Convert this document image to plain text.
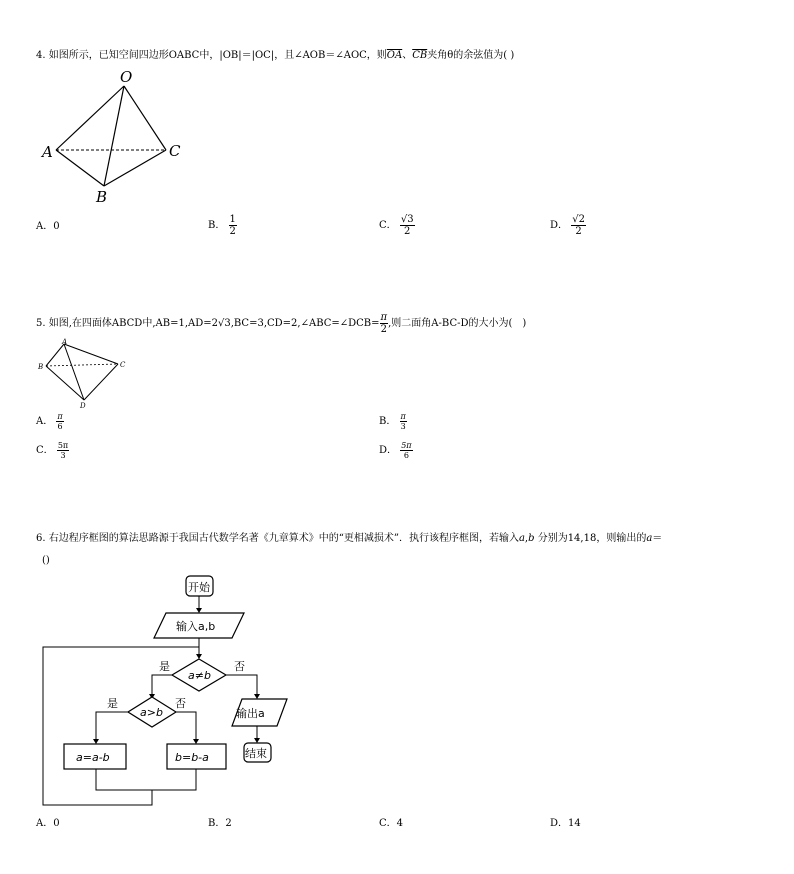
4. 如图所示，已知空间四边形OABC中，|OB|＝|OC|，且∠AOB＝∠AOC，则$\overline{OA}$、$\overline{CB}$夹角θ的余弦值为( )
O
A
B
C
A．0	B． $\frac{1}{2}$	C． $\frac{√3}{2}$	D． $\frac{√2}{2}$
5. 如图,在四面体ABCD中,AB=1,AD=2√3,BC=3,CD=2,∠ABC=∠DCB= $\frac{\pi}{2}$ ,则二面角A-BC-D的大小为(　)
A
B	C
D
A． $\frac{\pi}{6}$	B． $\frac{\pi}{3}$
C． $\frac{5\pi}{3}$	D． $\frac{5\pi}{6}$
6. 右边程序框图的算法思路源于我国古代数学名著《九章算术》中的“更相减损术”．执行该程序框图，若输入a,b 分别为14,18，则输出的a＝
()
开始
输入a,b
a≠b
是	否
输出a
结束
a>b
是	否
a=a-b	b=b-a
A．0	B．2	C．4	D．14
